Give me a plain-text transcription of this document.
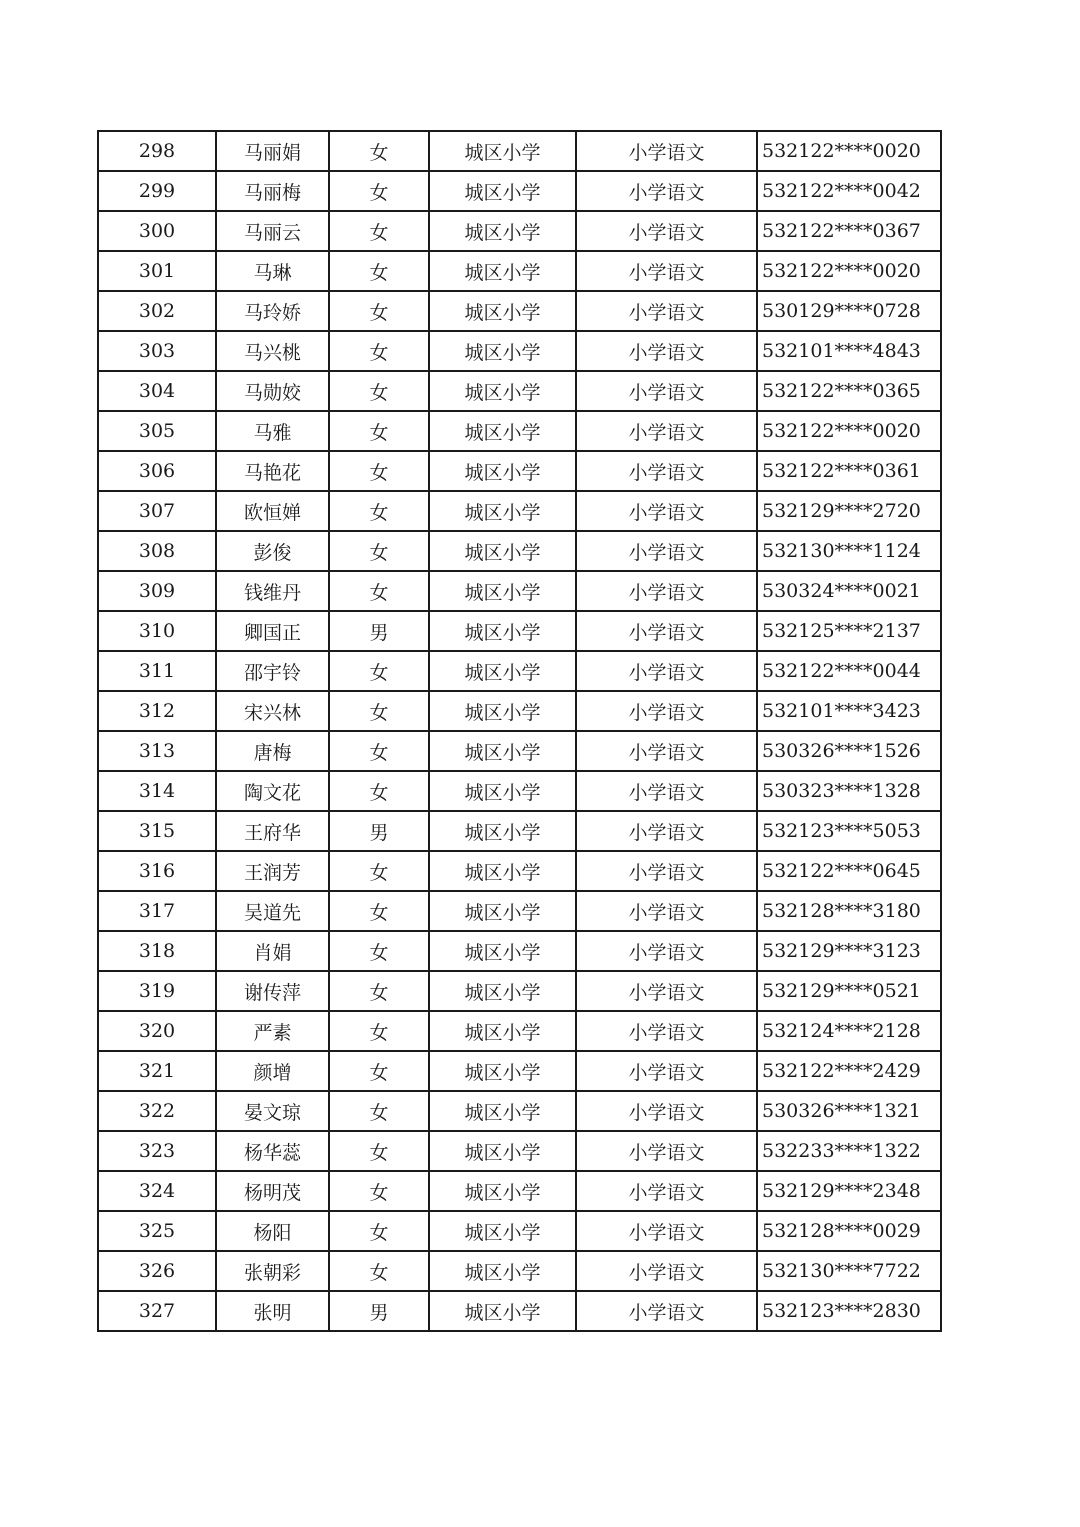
298	马丽娟	女	城区小学	小学语文	532122****0020
299	马丽梅	女	城区小学	小学语文	532122****0042
300	马丽云	女	城区小学	小学语文	532122****0367
301	马琳	女	城区小学	小学语文	532122****0020
302	马玲娇	女	城区小学	小学语文	530129****0728
303	马兴桃	女	城区小学	小学语文	532101****4843
304	马勋姣	女	城区小学	小学语文	532122****0365
305	马雅	女	城区小学	小学语文	532122****0020
306	马艳花	女	城区小学	小学语文	532122****0361
307	欧恒婵	女	城区小学	小学语文	532129****2720
308	彭俊	女	城区小学	小学语文	532130****1124
309	钱维丹	女	城区小学	小学语文	530324****0021
310	卿国正	男	城区小学	小学语文	532125****2137
311	邵宇铃	女	城区小学	小学语文	532122****0044
312	宋兴林	女	城区小学	小学语文	532101****3423
313	唐梅	女	城区小学	小学语文	530326****1526
314	陶文花	女	城区小学	小学语文	530323****1328
315	王府华	男	城区小学	小学语文	532123****5053
316	王润芳	女	城区小学	小学语文	532122****0645
317	吴道先	女	城区小学	小学语文	532128****3180
318	肖娟	女	城区小学	小学语文	532129****3123
319	谢传萍	女	城区小学	小学语文	532129****0521
320	严素	女	城区小学	小学语文	532124****2128
321	颜增	女	城区小学	小学语文	532122****2429
322	晏文琼	女	城区小学	小学语文	530326****1321
323	杨华蕊	女	城区小学	小学语文	532233****1322
324	杨明茂	女	城区小学	小学语文	532129****2348
325	杨阳	女	城区小学	小学语文	532128****0029
326	张朝彩	女	城区小学	小学语文	532130****7722
327	张明	男	城区小学	小学语文	532123****2830
